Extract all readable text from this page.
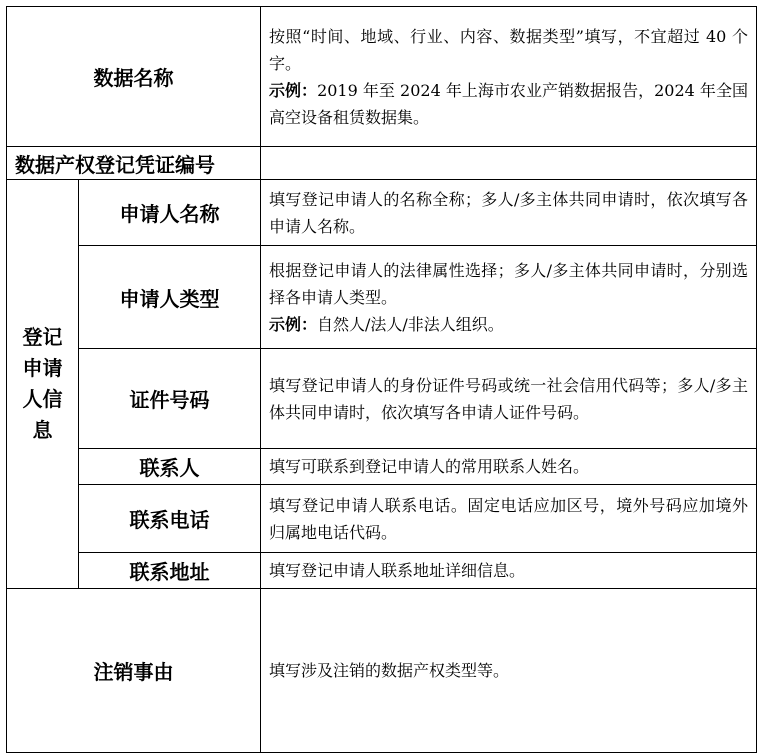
数据名称		按照“时间、地域、行业、内容、数据类型”填写，不宜超过 40 个字。

示例：2019 年至 2024 年上海市农业产销数据报告，2024 年全国高空设备租赁数据集。

数据产权登记凭证编号		

登记
申请
人信
息	申请人名称	填写登记申请人的名称全称；多人/多主体共同申请时，依次填写各申请人名称。
	申请人类型	根据登记申请人的法律属性选择；多人/多主体共同申请时，分别选择各申请人类型。

示例：自然人/法人/非法人组织。

	证件号码	填写登记申请人的身份证件号码或统一社会信用代码等；多人/多主体共同申请时，依次填写各申请人证件号码。
	联系人	填写可联系到登记申请人的常用联系人姓名。
	联系电话	填写登记申请人联系电话。固定电话应加区号，境外号码应加境外归属地电话代码。
	联系地址	填写登记申请人联系地址详细信息。
注销事由		填写涉及注销的数据产权类型等。
